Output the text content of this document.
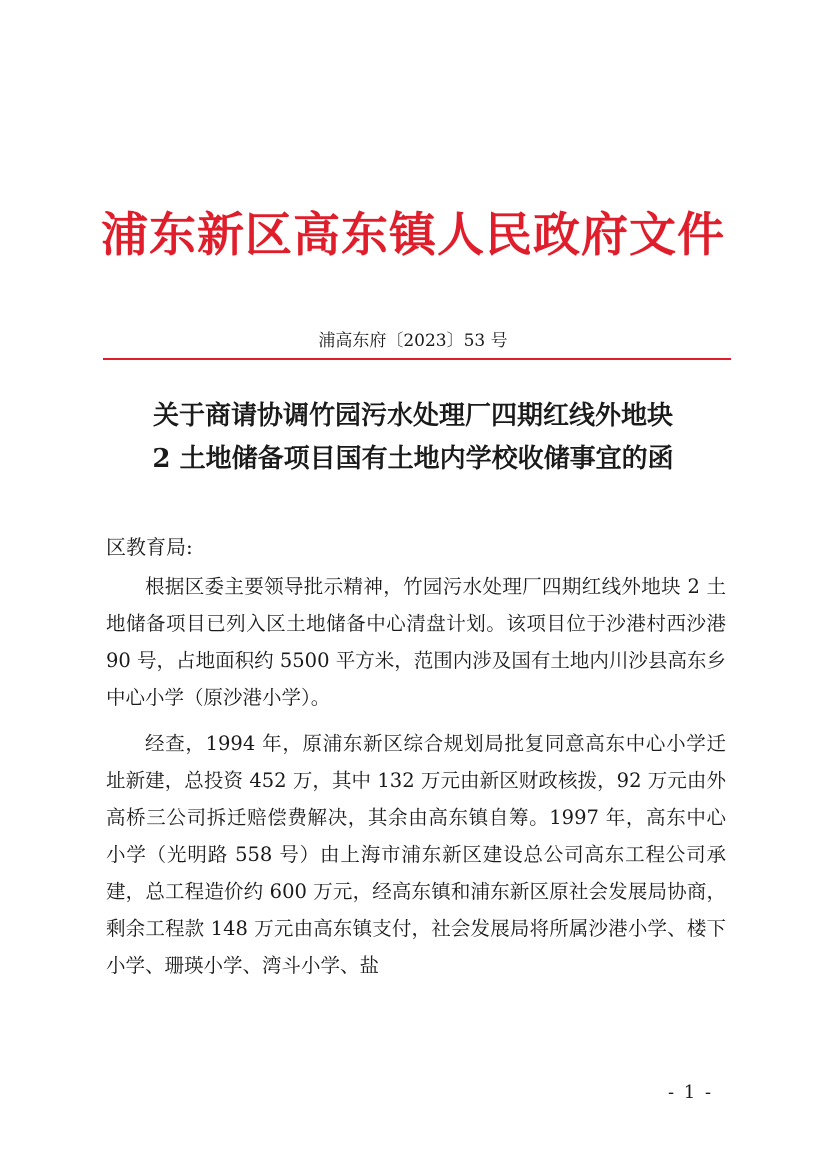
浦东新区高东镇人民政府文件
浦高东府〔2023〕53 号
关于商请协调竹园污水处理厂四期红线外地块
2 土地储备项目国有土地内学校收储事宜的函
区教育局:

根据区委主要领导批示精神，竹园污水处理厂四期红线外地块 2 土地储备项目已列入区土地储备中心清盘计划。该项目位于沙港村西沙港 90 号，占地面积约 5500 平方米，范围内涉及国有土地内川沙县高东乡中心小学（原沙港小学）。

经查，1994 年，原浦东新区综合规划局批复同意高东中心小学迁址新建，总投资 452 万，其中 132 万元由新区财政核拨，92 万元由外高桥三公司拆迁赔偿费解决，其余由高东镇自筹。1997 年，高东中心小学（光明路 558 号）由上海市浦东新区建设总公司高东工程公司承建，总工程造价约 600 万元，经高东镇和浦东新区原社会发展局协商，剩余工程款 148 万元由高东镇支付，社会发展局将所属沙港小学、楼下小学、珊瑛小学、湾斗小学、盐

- 1 -
